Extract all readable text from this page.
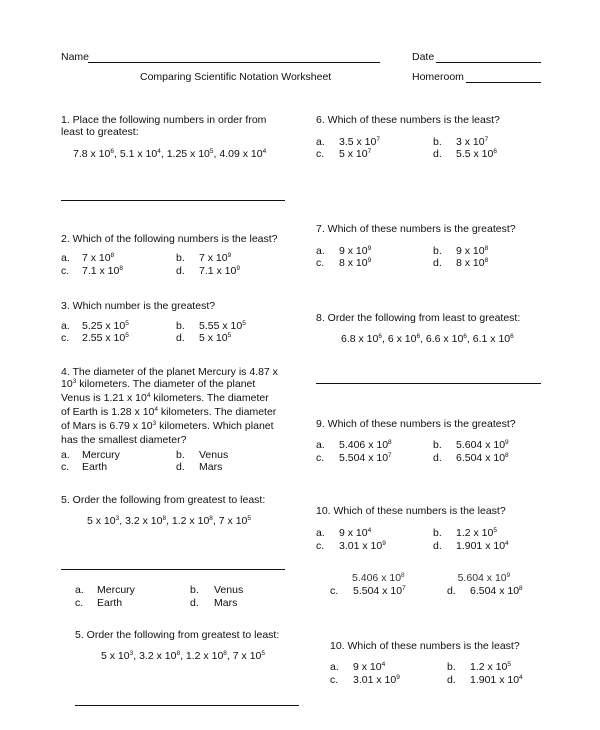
Name	Date
Comparing Scientific Notation Worksheet	Homeroom
1. Place the following numbers in order from
least to greatest:
7.8 x $10^6$, 5.1 x $10^4$, 1.25 x $10^5$, 4.09 x $10^4$
2. Which of the following numbers is the least?
a. 7 x $10^8$	b. 7 x $10^9$
c. 7.1 x $10^8$	d. 7.1 x $10^9$
3. Which number is the greatest?
a. 5.25 x $10^5$	b. 5.55 x $10^5$
c. 2.55 x $10^5$	d. 5 x $10^5$
4. The diameter of the planet Mercury is 4.87 x
$10^3$ kilometers. The diameter of the planet
Venus is 1.21 x $10^4$ kilometers. The diameter
of Earth is 1.28 x $10^4$ kilometers. The diameter
of Mars is 6.79 x $10^3$ kilometers. Which planet
has the smallest diameter?
a. Mercury	b. Venus
c. Earth	d. Mars
5. Order the following from greatest to least:
5 x $10^3$, 3.2 x $10^8$, 1.2 x $10^8$, 7 x $10^5$
6. Which of these numbers is the least?
a. 3.5 x $10^7$	b. 3 x $10^7$
c. 5 x $10^7$	d. 5.5 x $10^6$
7. Which of these numbers is the greatest?
a. 9 x $10^9$	b. 9 x $10^8$
c. 8 x $10^9$	d. 8 x $10^8$
8. Order the following from least to greatest:
6.8 x $10^6$, 6 x $10^6$, 6.6 x $10^6$, 6.1 x $10^6$
9. Which of these numbers is the greatest?
a. 5.406 x $10^8$	b. 5.604 x $10^9$
c. 5.504 x $10^7$	d. 6.504 x $10^8$
10. Which of these numbers is the least?
a. 9 x $10^4$	b. 1.2 x $10^5$
c. 3.01 x $10^9$	d. 1.901 x $10^4$
5.406 x $10^8$	5.604 x $10^9$
a. Mercury	b. Venus
c. Earth	d. Mars
c. 5.504 x $10^7$	d. 6.504 x $10^8$
5. Order the following from greatest to least:
5 x $10^3$, 3.2 x $10^8$, 1.2 x $10^8$, 7 x $10^5$
10. Which of these numbers is the least?
a. 9 x $10^4$	b. 1.2 x $10^5$
c. 3.01 x $10^9$	d. 1.901 x $10^4$
